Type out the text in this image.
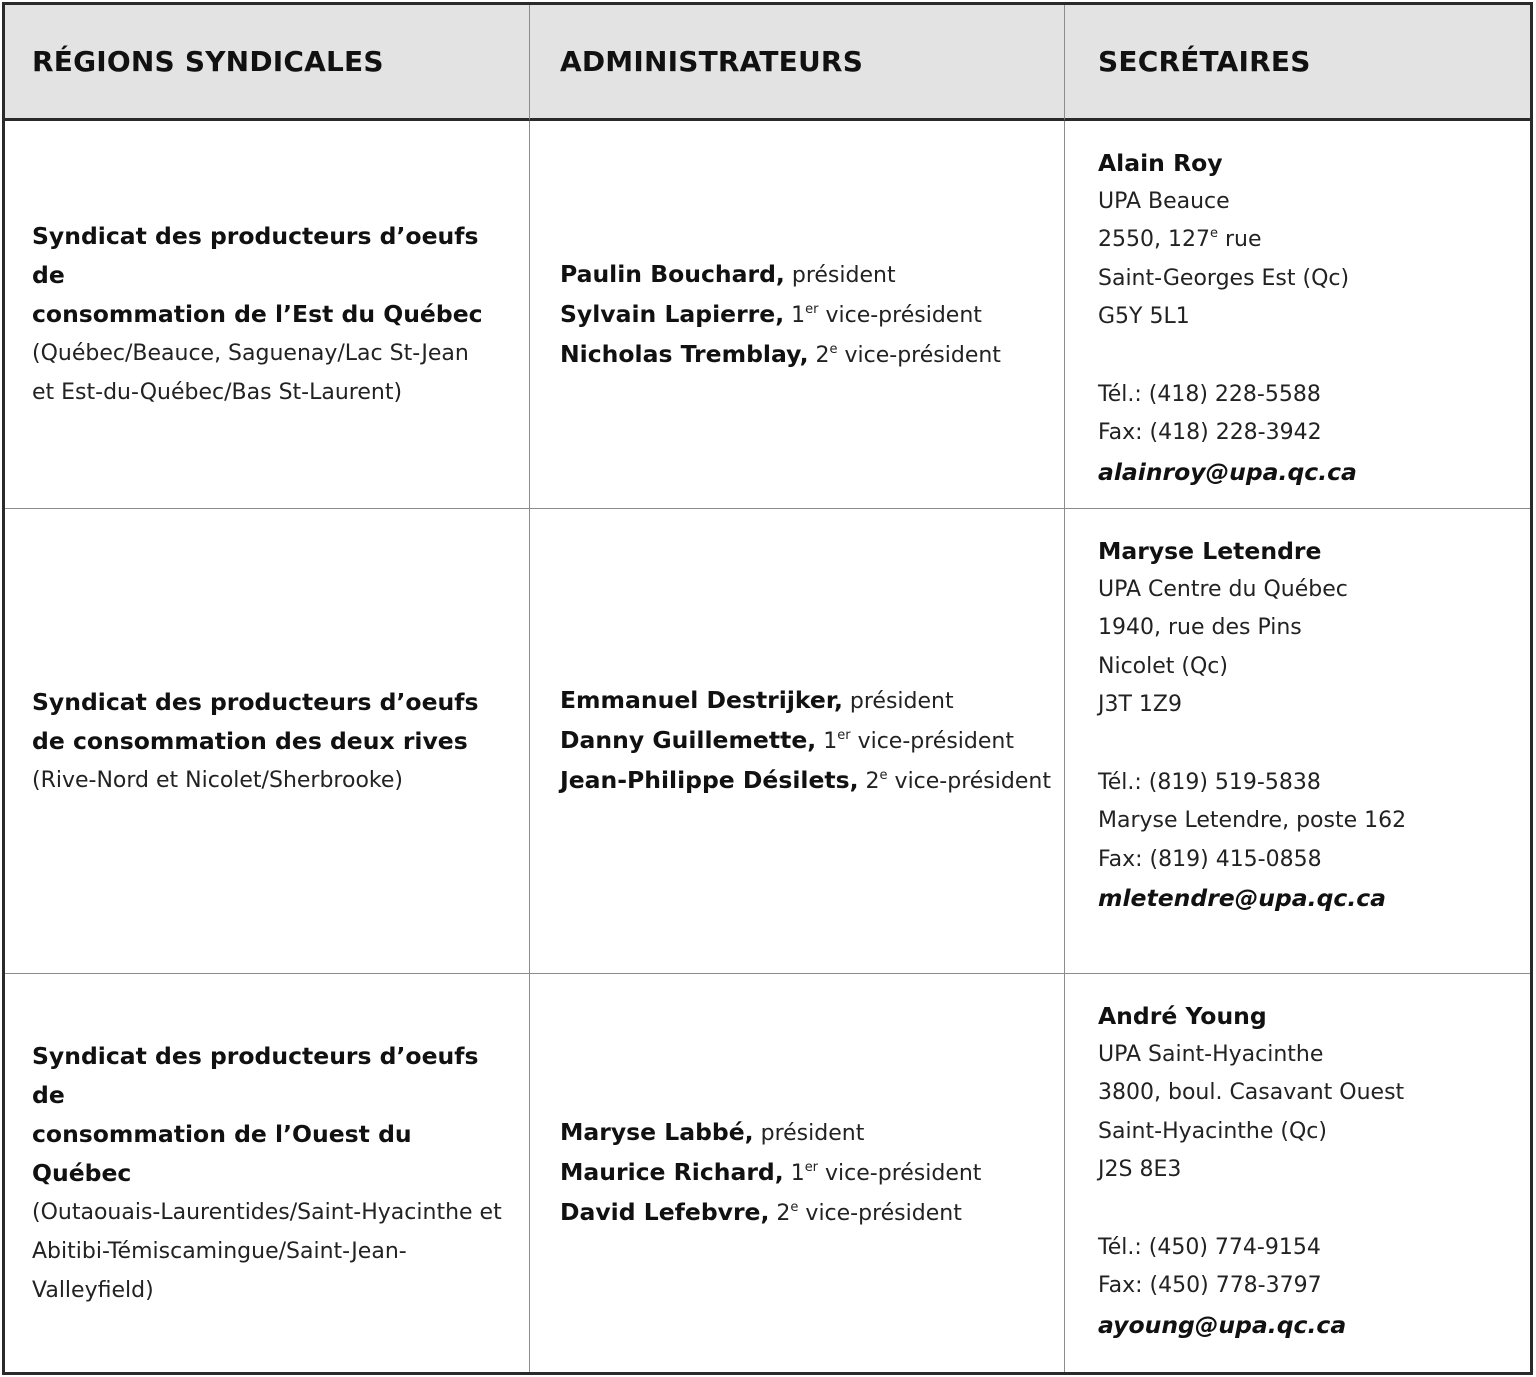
RÉGIONS SYNDICALES	ADMINISTRATEURS	SECRÉTAIRES
Syndicat des producteurs d’oeufs de
consommation de l’Est du Québec
(Québec/Beauce, Saguenay/Lac St-Jean
et Est-du-Québec/Bas St-Laurent)
Paulin Bouchard, président
Sylvain Lapierre, 1er vice-président
Nicholas Tremblay, 2e vice-président
Alain Roy
UPA Beauce
2550, 127e rue
Saint-Georges Est (Qc)
G5Y 5L1
Tél.: (418) 228-5588
Fax: (418) 228-3942
alainroy@upa.qc.ca
Syndicat des producteurs d’oeufs
de consommation des deux rives
(Rive-Nord et Nicolet/Sherbrooke)
Emmanuel Destrijker, président
Danny Guillemette, 1er vice-président
Jean-Philippe Désilets, 2e vice-président
Maryse Letendre
UPA Centre du Québec
1940, rue des Pins
Nicolet (Qc)
J3T 1Z9
Tél.: (819) 519-5838
Maryse Letendre, poste 162
Fax: (819) 415-0858
mletendre@upa.qc.ca
Syndicat des producteurs d’oeufs de
consommation de l’Ouest du Québec
(Outaouais-Laurentides/Saint-Hyacinthe et
Abitibi-Témiscamingue/Saint-Jean-Valleyfield)
Maryse Labbé, président
Maurice Richard, 1er vice-président
David Lefebvre, 2e vice-président
André Young
UPA Saint-Hyacinthe
3800, boul. Casavant Ouest
Saint-Hyacinthe (Qc)
J2S 8E3
Tél.: (450) 774-9154
Fax: (450) 778-3797
ayoung@upa.qc.ca
